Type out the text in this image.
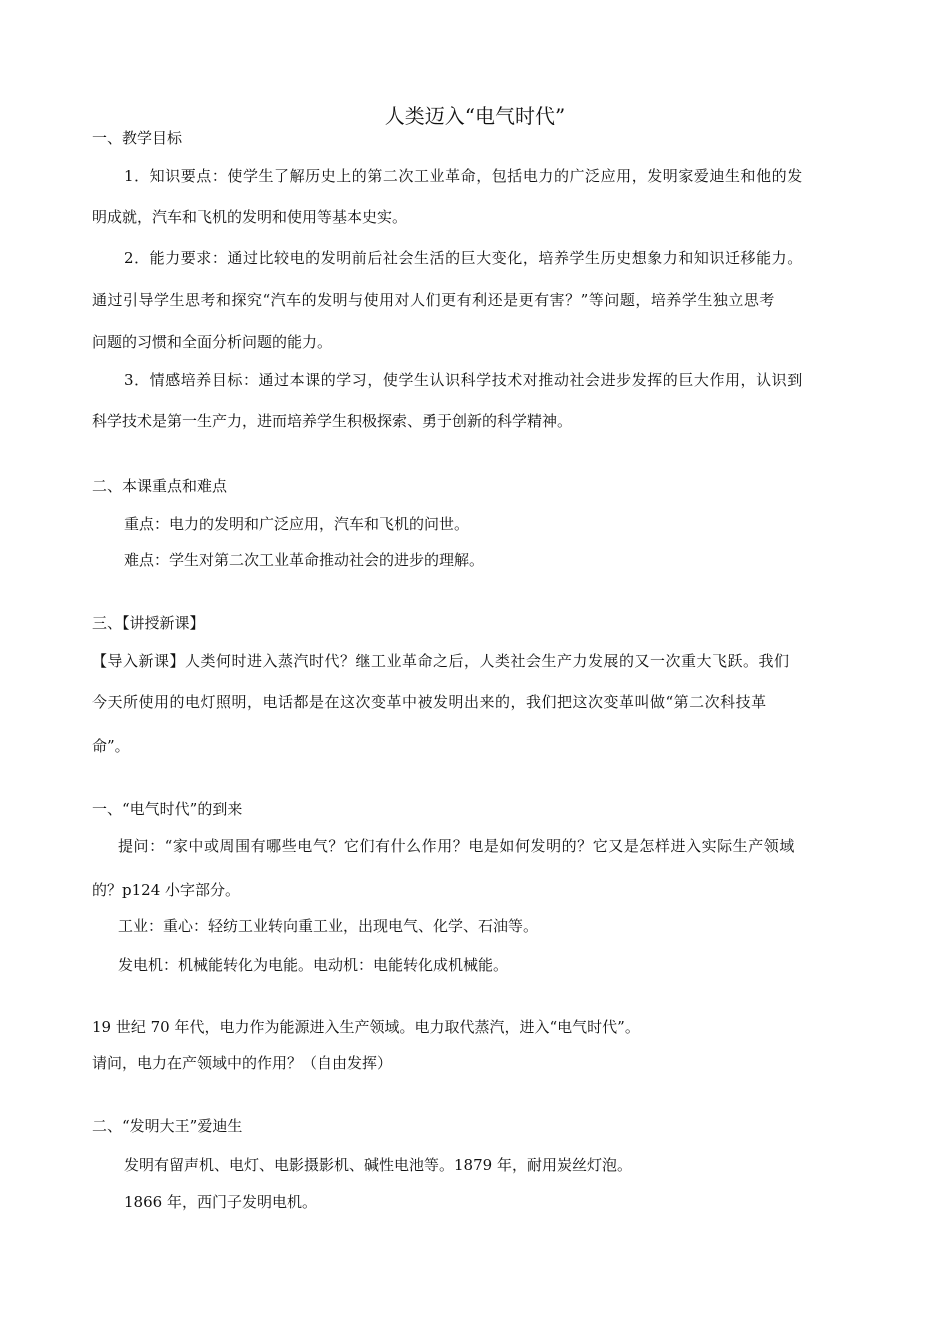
人类迈入“电气时代”
一、教学目标
1．知识要点：使学生了解历史上的第二次工业革命，包括电力的广泛应用，发明家爱迪生和他的发
明成就，汽车和飞机的发明和使用等基本史实。
2．能力要求：通过比较电的发明前后社会生活的巨大变化，培养学生历史想象力和知识迁移能力。
通过引导学生思考和探究“汽车的发明与使用对人们更有利还是更有害？”等问题，培养学生独立思考
问题的习惯和全面分析问题的能力。
3．情感培养目标：通过本课的学习，使学生认识科学技术对推动社会进步发挥的巨大作用，认识到
科学技术是第一生产力，进而培养学生积极探索、勇于创新的科学精神。
二、本课重点和难点
重点：电力的发明和广泛应用，汽车和飞机的问世。
难点：学生对第二次工业革命推动社会的进步的理解。
三、【讲授新课】
【导入新课】人类何时进入蒸汽时代？继工业革命之后，人类社会生产力发展的又一次重大飞跃。我们
今天所使用的电灯照明，电话都是在这次变革中被发明出来的，我们把这次变革叫做“第二次科技革
命”。
一、“电气时代”的到来
提问：“家中或周围有哪些电气？它们有什么作用？电是如何发明的？它又是怎样进入实际生产领域
的？p124 小字部分。
工业：重心：轻纺工业转向重工业，出现电气、化学、石油等。
发电机：机械能转化为电能。电动机：电能转化成机械能。
19 世纪 70 年代，电力作为能源进入生产领域。电力取代蒸汽，进入“电气时代”。
请问，电力在产领域中的作用？（自由发挥）
二、“发明大王”爱迪生
发明有留声机、电灯、电影摄影机、碱性电池等。1879 年，耐用炭丝灯泡。
1866 年，西门子发明电机。
